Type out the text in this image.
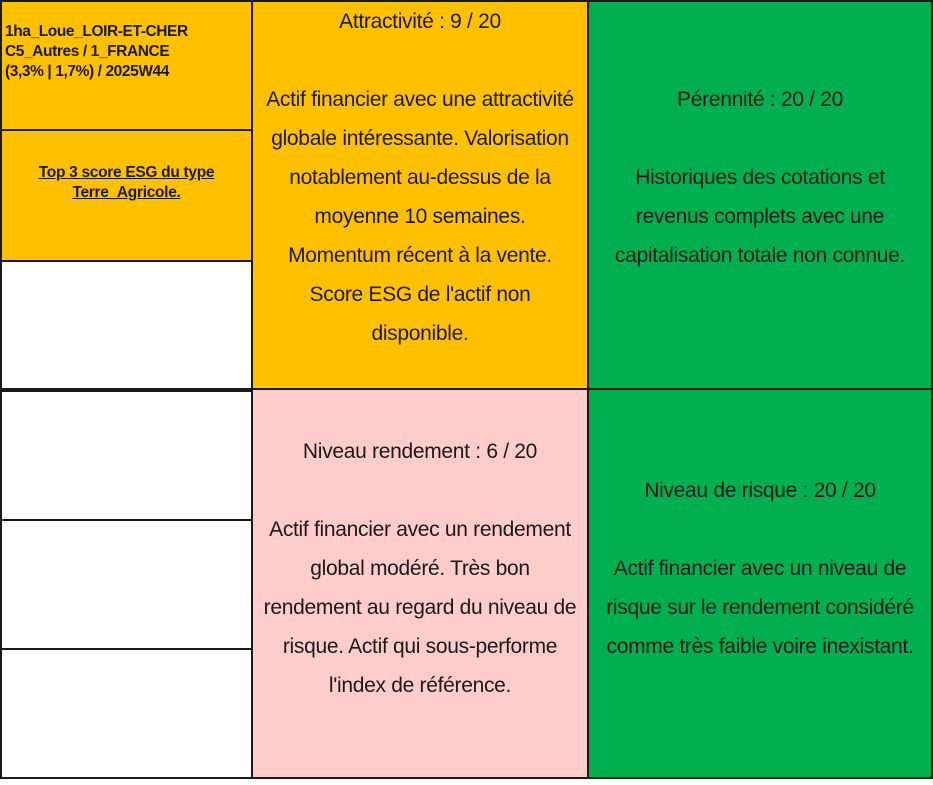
1ha_Loue_LOIR-ET-CHER
C5_Autres / 1_FRANCE
(3,3% | 1,7%) / 2025W44
Top 3 score ESG du type
Terre_Agricole.
Attractivité : 9 / 20
Actif financier avec une attractivité globale intéressante. Valorisation notablement au-dessus de la moyenne 10 semaines. Momentum récent à la vente. Score ESG de l'actif non disponible.
Pérennité : 20 / 20
Historiques des cotations et revenus complets avec une capitalisation totale non connue.
Niveau rendement : 6 / 20
Actif financier avec un rendement global modéré. Très bon rendement au regard du niveau de risque. Actif qui sous-performe l'index de référence.
Niveau de risque : 20 / 20
Actif financier avec un niveau de risque sur le rendement considéré comme très faible voire inexistant.
